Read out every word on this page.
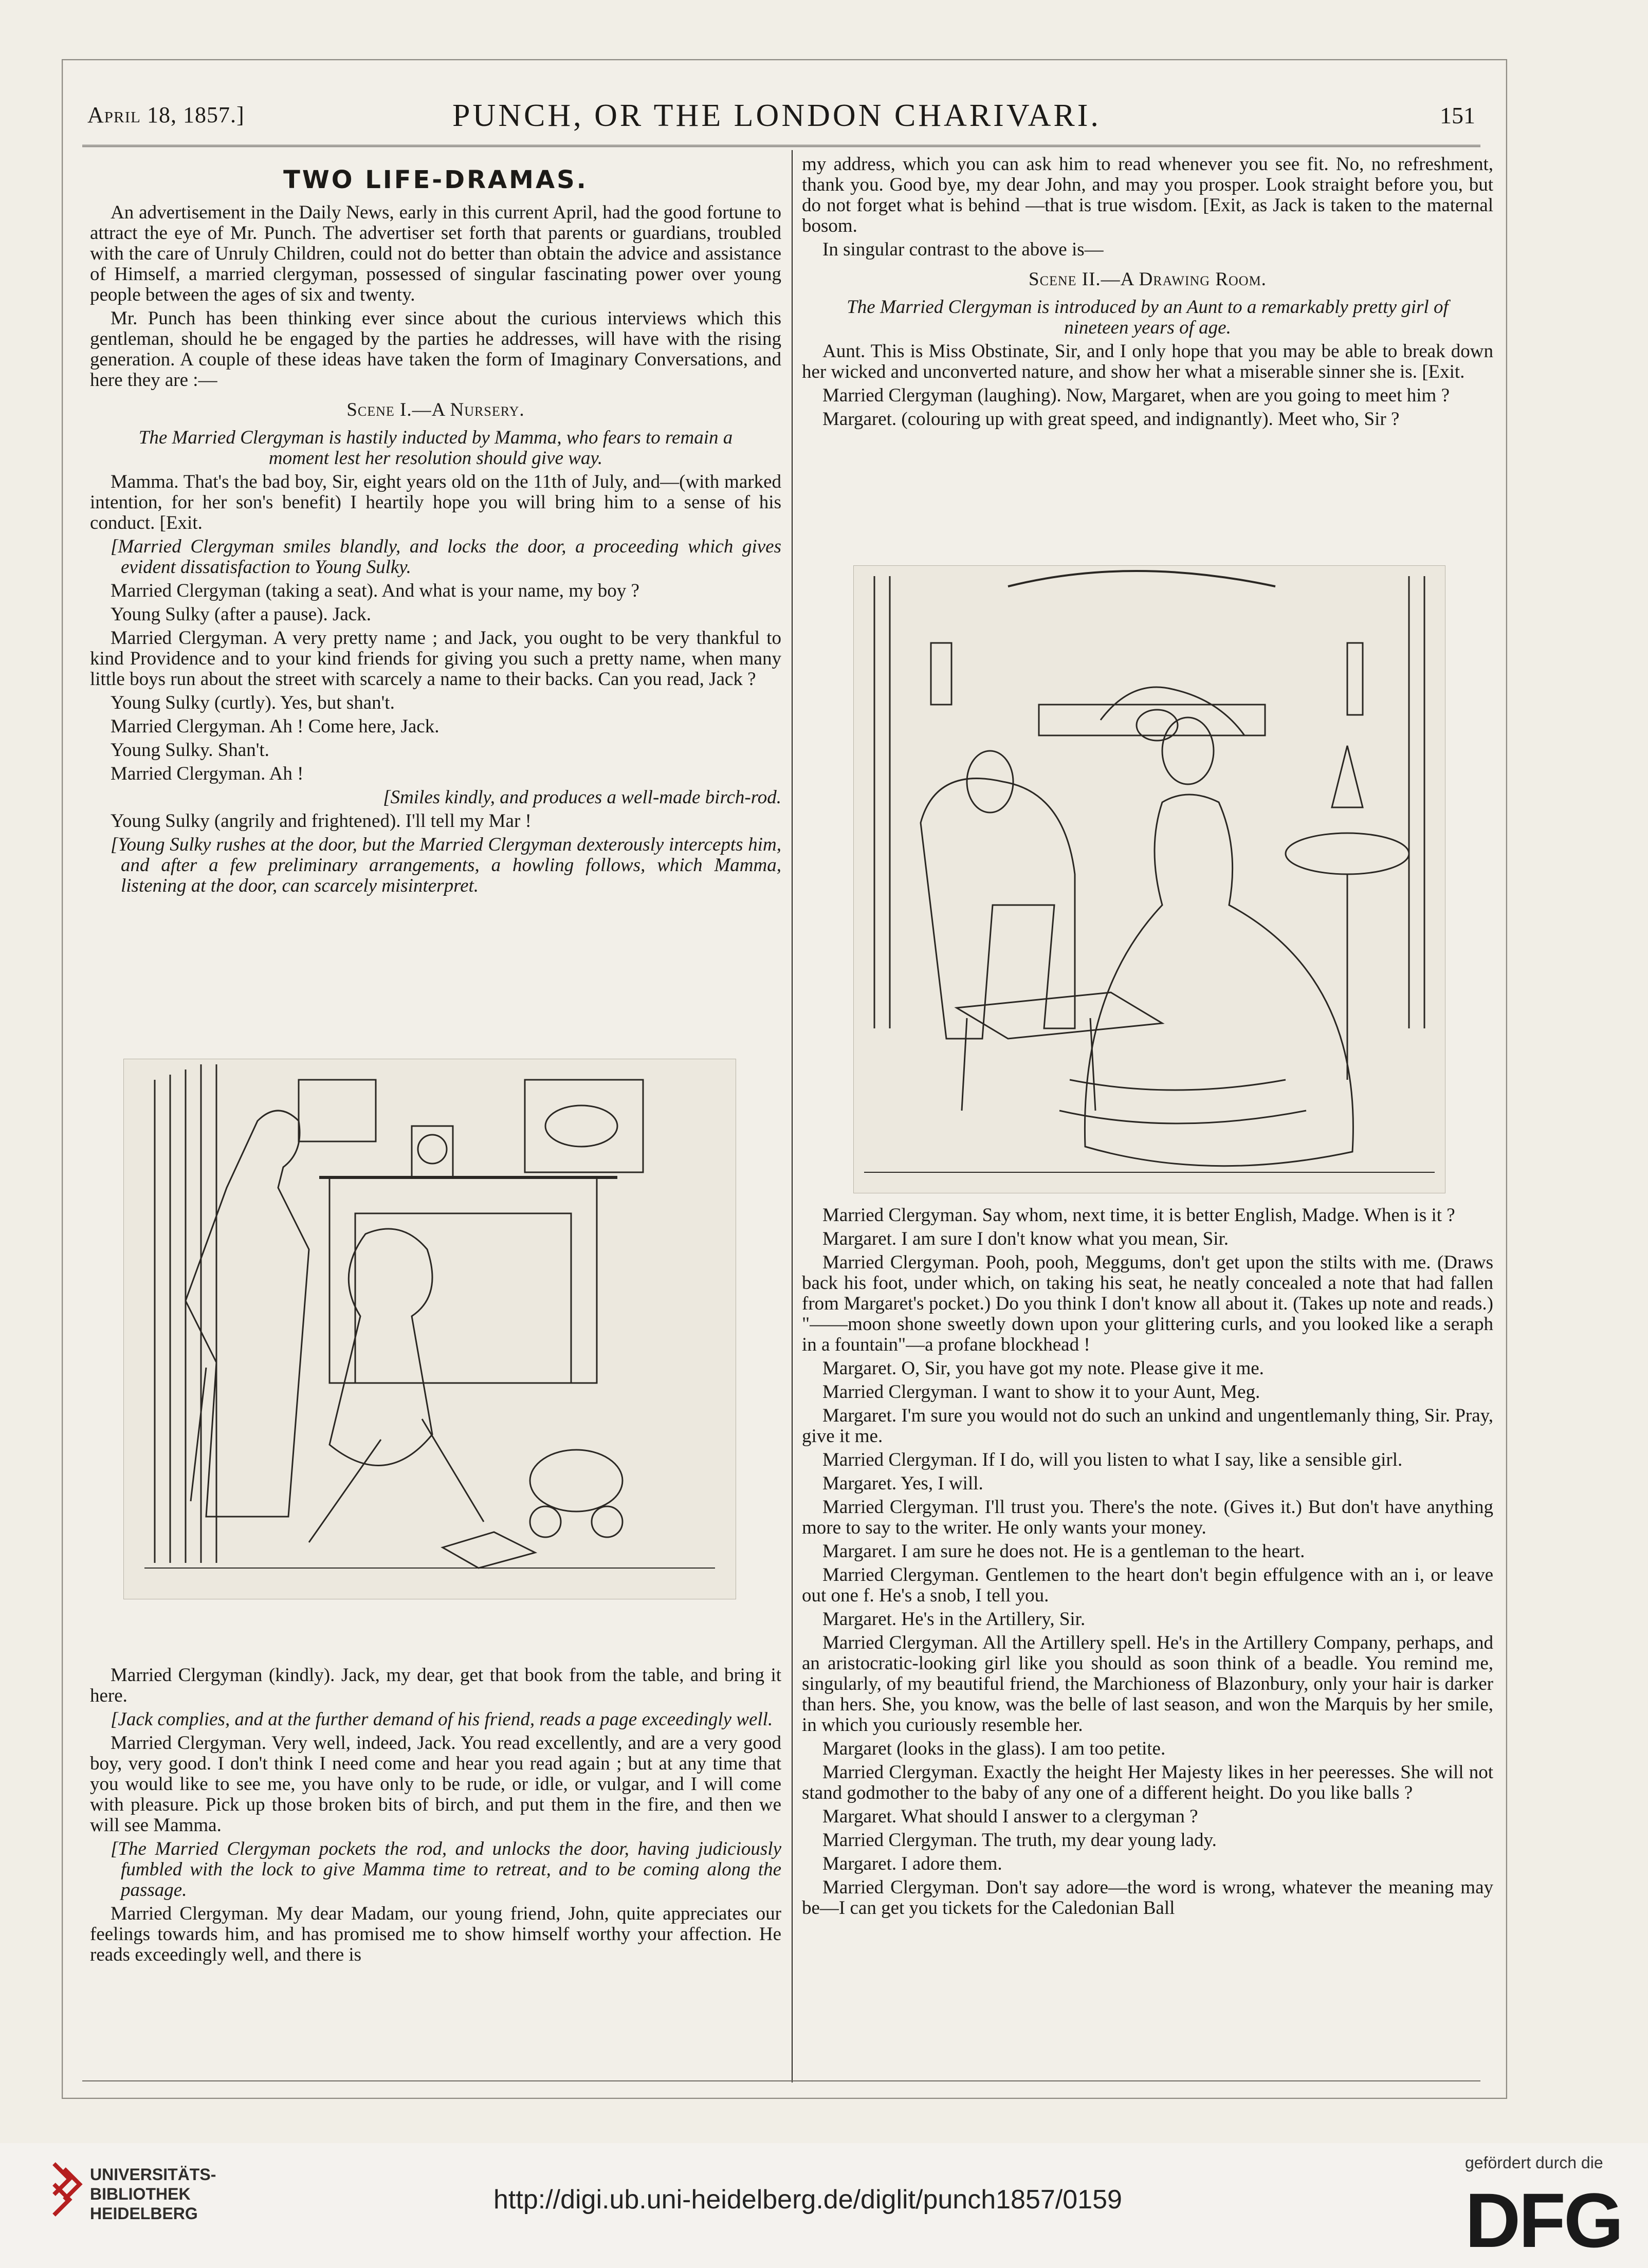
April 18, 1857.]	PUNCH, OR THE LONDON CHARIVARI.	151
TWO LIFE-DRAMAS.

An advertisement in the Daily News, early in this current April, had the good fortune to attract the eye of Mr. Punch. The advertiser set forth that parents or guardians, troubled with the care of Unruly Children, could not do better than obtain the advice and assistance of Himself, a married clergyman, possessed of singular fascinating power over young people between the ages of six and twenty.

Mr. Punch has been thinking ever since about the curious interviews which this gentleman, should he be engaged by the parties he addresses, will have with the rising generation. A couple of these ideas have taken the form of Imaginary Conversations, and here they are :—

Scene I.—A Nursery.

The Married Clergyman is hastily inducted by Mamma, who fears to remain a moment lest her resolution should give way.

Mamma. That's the bad boy, Sir, eight years old on the 11th of July, and—(with marked intention, for her son's benefit) I heartily hope you will bring him to a sense of his conduct. [Exit.

[Married Clergyman smiles blandly, and locks the door, a proceeding which gives evident dissatisfaction to Young Sulky.

Married Clergyman (taking a seat). And what is your name, my boy ?

Young Sulky (after a pause). Jack.

Married Clergyman. A very pretty name ; and Jack, you ought to be very thankful to kind Providence and to your kind friends for giving you such a pretty name, when many little boys run about the street with scarcely a name to their backs. Can you read, Jack ?

Young Sulky (curtly). Yes, but shan't.

Married Clergyman. Ah ! Come here, Jack.

Young Sulky. Shan't.

Married Clergyman. Ah !

[Smiles kindly, and produces a well-made birch-rod.

Young Sulky (angrily and frightened). I'll tell my Mar !

[Young Sulky rushes at the door, but the Married Clergyman dexterously intercepts him, and after a few preliminary arrangements, a howling follows, which Mamma, listening at the door, can scarcely misinterpret.

Married Clergyman (kindly). Jack, my dear, get that book from the table, and bring it here.

[Jack complies, and at the further demand of his friend, reads a page exceedingly well.

Married Clergyman. Very well, indeed, Jack. You read excellently, and are a very good boy, very good. I don't think I need come and hear you read again ; but at any time that you would like to see me, you have only to be rude, or idle, or vulgar, and I will come with pleasure. Pick up those broken bits of birch, and put them in the fire, and then we will see Mamma.

[The Married Clergyman pockets the rod, and unlocks the door, having judiciously fumbled with the lock to give Mamma time to retreat, and to be coming along the passage.

Married Clergyman. My dear Madam, our young friend, John, quite appreciates our feelings towards him, and has promised me to show himself worthy your affection. He reads exceedingly well, and there is

my address, which you can ask him to read whenever you see fit. No, no refreshment, thank you. Good bye, my dear John, and may you prosper. Look straight before you, but do not forget what is behind —that is true wisdom. [Exit, as Jack is taken to the maternal bosom.

In singular contrast to the above is—

Scene II.—A Drawing Room.

The Married Clergyman is introduced by an Aunt to a remarkably pretty girl of nineteen years of age.

Aunt. This is Miss Obstinate, Sir, and I only hope that you may be able to break down her wicked and unconverted nature, and show her what a miserable sinner she is. [Exit.

Married Clergyman (laughing). Now, Margaret, when are you going to meet him ?

Margaret. (colouring up with great speed, and indignantly). Meet who, Sir ?

Married Clergyman. Say whom, next time, it is better English, Madge. When is it ?

Margaret. I am sure I don't know what you mean, Sir.

Married Clergyman. Pooh, pooh, Meggums, don't get upon the stilts with me. (Draws back his foot, under which, on taking his seat, he neatly concealed a note that had fallen from Margaret's pocket.) Do you think I don't know all about it. (Takes up note and reads.) "——moon shone sweetly down upon your glittering curls, and you looked like a seraph in a fountain"—a profane blockhead !

Margaret. O, Sir, you have got my note. Please give it me.

Married Clergyman. I want to show it to your Aunt, Meg.

Margaret. I'm sure you would not do such an unkind and ungentlemanly thing, Sir. Pray, give it me.

Married Clergyman. If I do, will you listen to what I say, like a sensible girl.

Margaret. Yes, I will.

Married Clergyman. I'll trust you. There's the note. (Gives it.) But don't have anything more to say to the writer. He only wants your money.

Margaret. I am sure he does not. He is a gentleman to the heart.

Married Clergyman. Gentlemen to the heart don't begin effulgence with an i, or leave out one f. He's a snob, I tell you.

Margaret. He's in the Artillery, Sir.

Married Clergyman. All the Artillery spell. He's in the Artillery Company, perhaps, and an aristocratic-looking girl like you should as soon think of a beadle. You remind me, singularly, of my beautiful friend, the Marchioness of Blazonbury, only your hair is darker than hers. She, you know, was the belle of last season, and won the Marquis by her smile, in which you curiously resemble her.

Margaret (looks in the glass). I am too petite.

Married Clergyman. Exactly the height Her Majesty likes in her peeresses. She will not stand godmother to the baby of any one of a different height. Do you like balls ?

Margaret. What should I answer to a clergyman ?

Married Clergyman. The truth, my dear young lady.

Margaret. I adore them.

Married Clergyman. Don't say adore—the word is wrong, whatever the meaning may be—I can get you tickets for the Caledonian Ball

UNIVERSITÄTS-
BIBLIOTHEK
HEIDELBERG	http://digi.ub.uni-heidelberg.de/diglit/punch1857/0159
gefördert durch die
DFG
